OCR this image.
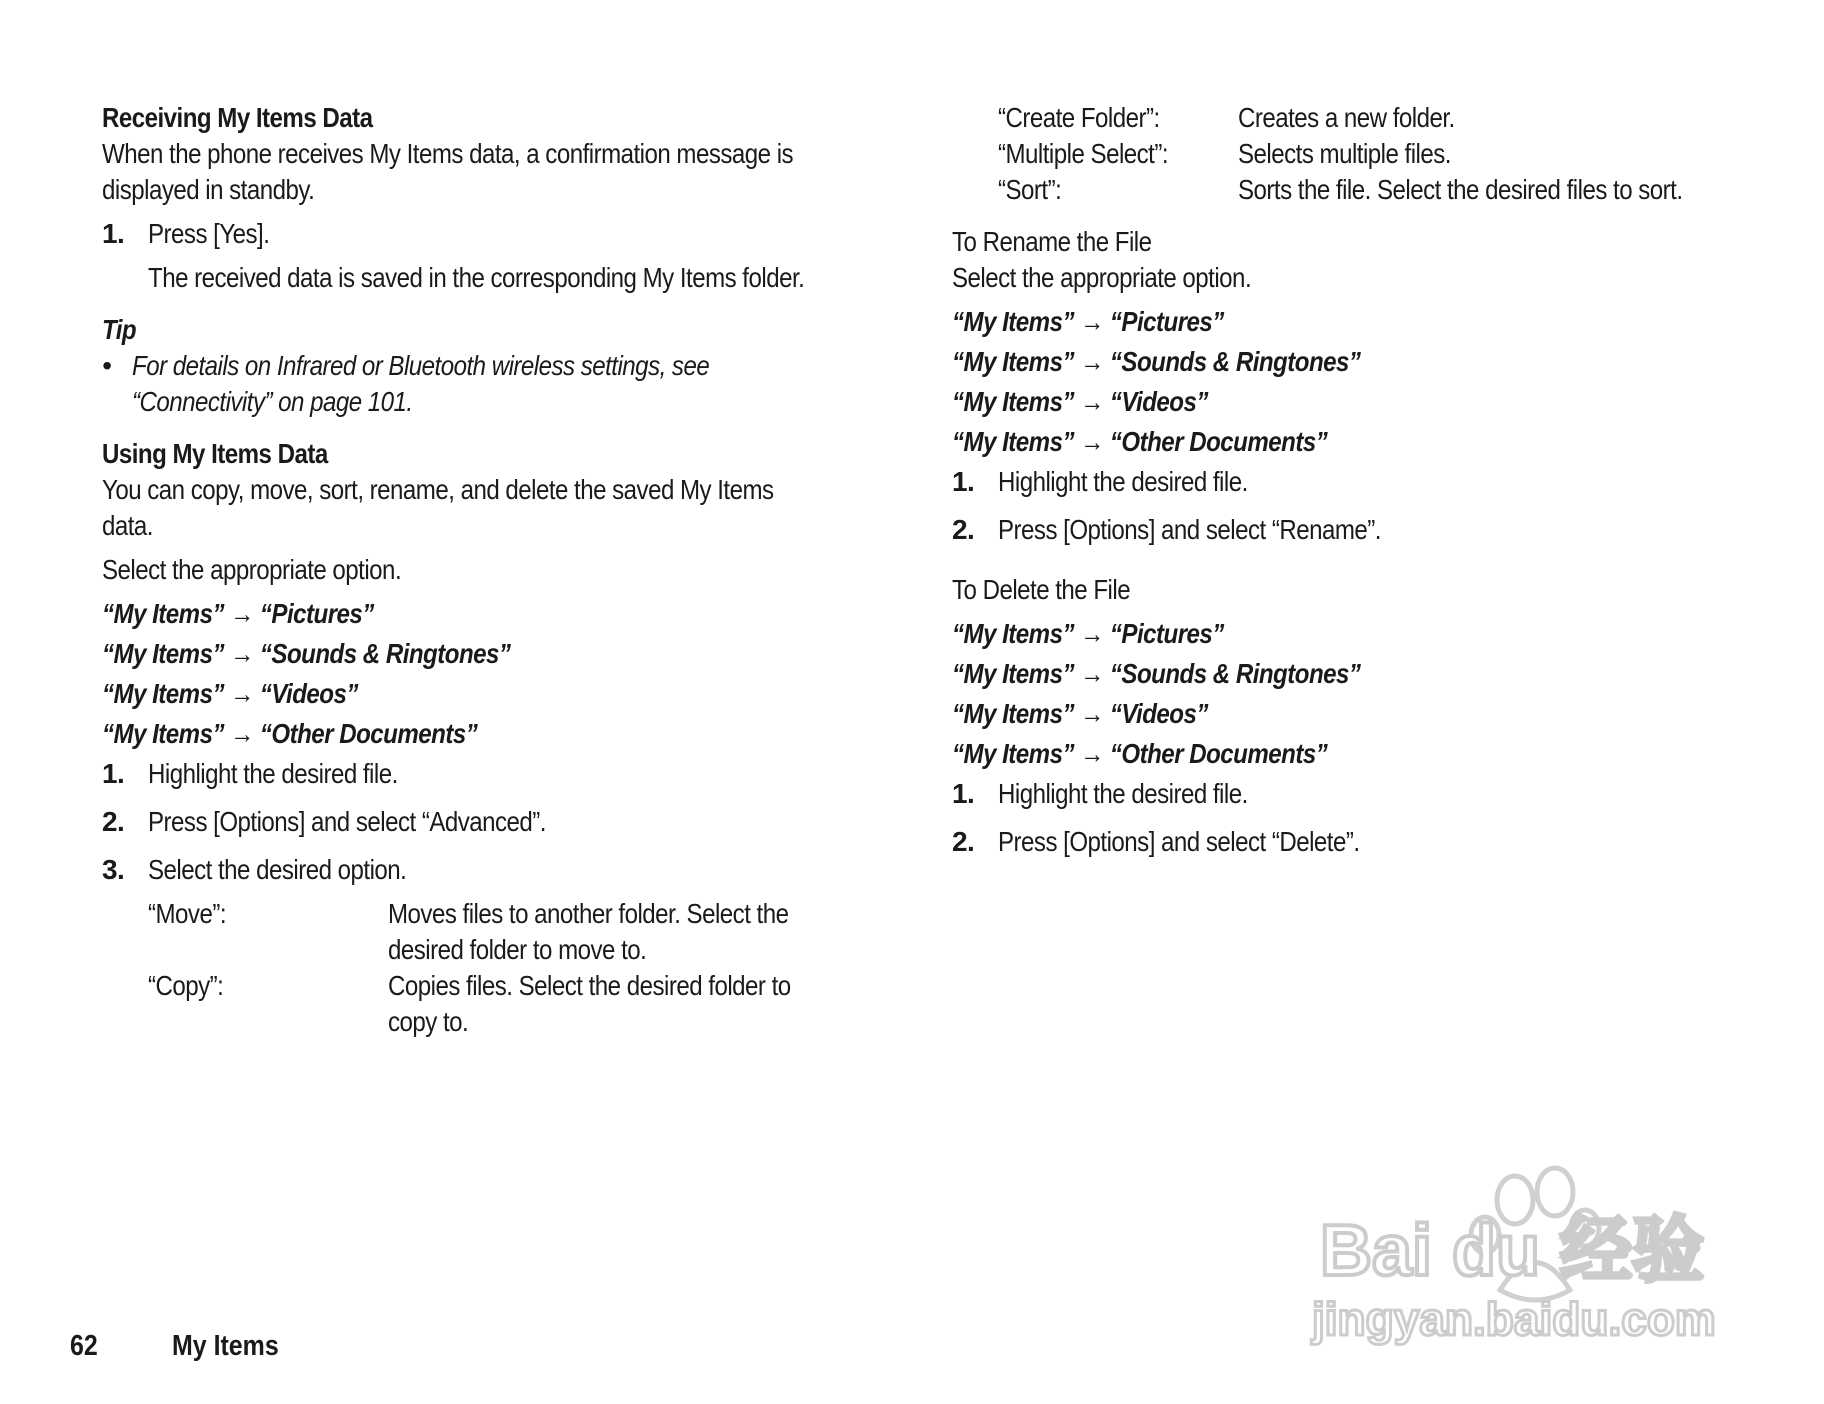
Receiving My Items Data
When the phone receives My Items data, a confirmation message is
displayed in standby.
1. Press [Yes].
The received data is saved in the corresponding My Items folder.
Tip
• For details on Infrared or Bluetooth wireless settings, see
“Connectivity” on page 101.
Using My Items Data
You can copy, move, sort, rename, and delete the saved My Items
data.
Select the appropriate option.
“My Items” → “Pictures”
“My Items” → “Sounds & Ringtones”
“My Items” → “Videos”
“My Items” → “Other Documents”
1. Highlight the desired file.
2. Press [Options] and select “Advanced”.
3. Select the desired option.
“Move”:	Moves files to another folder. Select the
desired folder to move to.
“Copy”:	Copies files. Select the desired folder to
copy to.
“Create Folder”:	Creates a new folder.
“Multiple Select”:	Selects multiple files.
“Sort”:	Sorts the file. Select the desired files to sort.
To Rename the File
Select the appropriate option.
“My Items” → “Pictures”
“My Items” → “Sounds & Ringtones”
“My Items” → “Videos”
“My Items” → “Other Documents”
1. Highlight the desired file.
2. Press [Options] and select “Rename”.
To Delete the File
“My Items” → “Pictures”
“My Items” → “Sounds & Ringtones”
“My Items” → “Videos”
“My Items” → “Other Documents”
1. Highlight the desired file.
2. Press [Options] and select “Delete”.
62	My Items
Bai du 经验
jingyan.baidu.com
